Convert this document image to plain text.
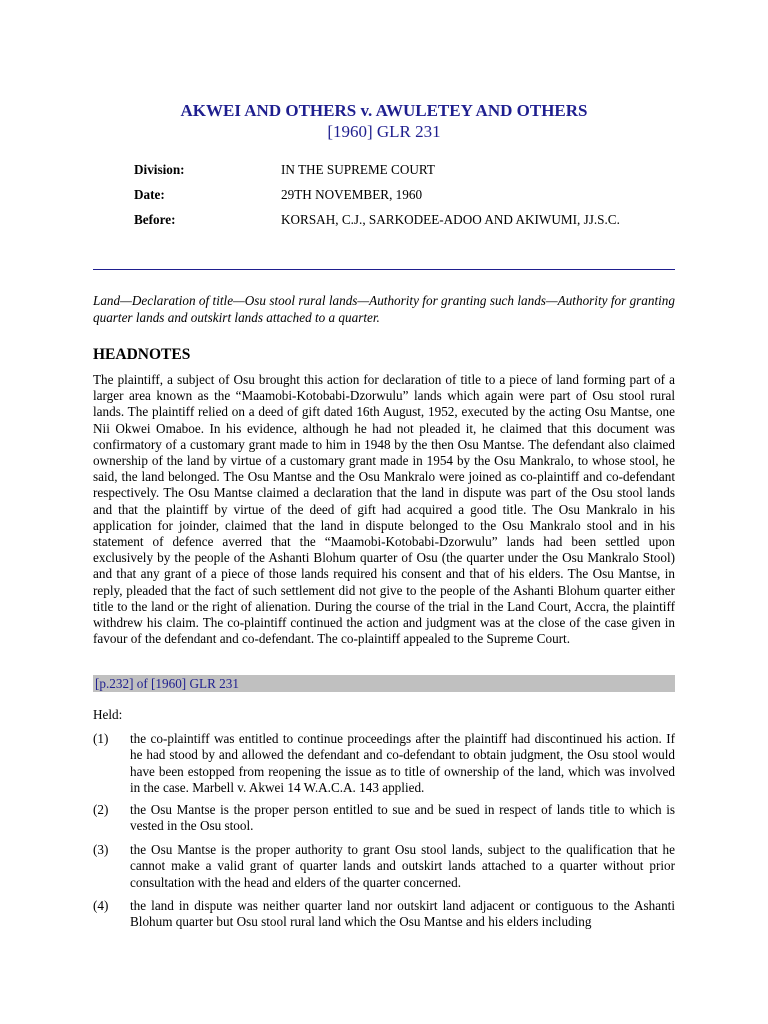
AKWEI AND OTHERS v. AWULETEY AND OTHERS
[1960] GLR 231
Division:	IN THE SUPREME COURT
Date:	29TH NOVEMBER, 1960
Before:	KORSAH, C.J., SARKODEE-ADOO AND AKIWUMI, JJ.S.C.
Land—Declaration of title—Osu stool rural lands—Authority for granting such lands—Authority for granting quarter lands and outskirt lands attached to a quarter.
HEADNOTES
The plaintiff, a subject of Osu brought this action for declaration of title to a piece of land forming part of a larger area known as the “Maamobi-Kotobabi-Dzorwulu” lands which again were part of Osu stool rural lands. The plaintiff relied on a deed of gift dated 16th August, 1952, executed by the acting Osu Mantse, one Nii Okwei Omaboe. In his evidence, although he had not pleaded it, he claimed that this document was confirmatory of a customary grant made to him in 1948 by the then Osu Mantse. The defendant also claimed ownership of the land by virtue of a customary grant made in 1954 by the Osu Mankralo, to whose stool, he said, the land belonged. The Osu Mantse and the Osu Mankralo were joined as co-plaintiff and co-defendant respectively. The Osu Mantse claimed a declaration that the land in dispute was part of the Osu stool lands and that the plaintiff by virtue of the deed of gift had acquired a good title. The Osu Mankralo in his application for joinder, claimed that the land in dispute belonged to the Osu Mankralo stool and in his statement of defence averred that the “Maamobi-Kotobabi-Dzorwulu” lands had been settled upon exclusively by the people of the Ashanti Blohum quarter of Osu (the quarter under the Osu Mankralo Stool) and that any grant of a piece of those lands required his consent and that of his elders. The Osu Mantse, in reply, pleaded that the fact of such settlement did not give to the people of the Ashanti Blohum quarter either title to the land or the right of alienation. During the course of the trial in the Land Court, Accra, the plaintiff withdrew his claim. The co-plaintiff continued the action and judgment was at the close of the case given in favour of the defendant and co-defendant. The co-plaintiff appealed to the Supreme Court.
[p.232] of [1960] GLR 231
Held:
(1) the co-plaintiff was entitled to continue proceedings after the plaintiff had discontinued his action. If he had stood by and allowed the defendant and co-defendant to obtain judgment, the Osu stool would have been estopped from reopening the issue as to title of ownership of the land, which was involved in the case. Marbell v. Akwei 14 W.A.C.A. 143 applied.
(2) the Osu Mantse is the proper person entitled to sue and be sued in respect of lands title to which is vested in the Osu stool.
(3) the Osu Mantse is the proper authority to grant Osu stool lands, subject to the qualification that he cannot make a valid grant of quarter lands and outskirt lands attached to a quarter without prior consultation with the head and elders of the quarter concerned.
(4) the land in dispute was neither quarter land nor outskirt land adjacent or contiguous to the Ashanti Blohum quarter but Osu stool rural land which the Osu Mantse and his elders including
